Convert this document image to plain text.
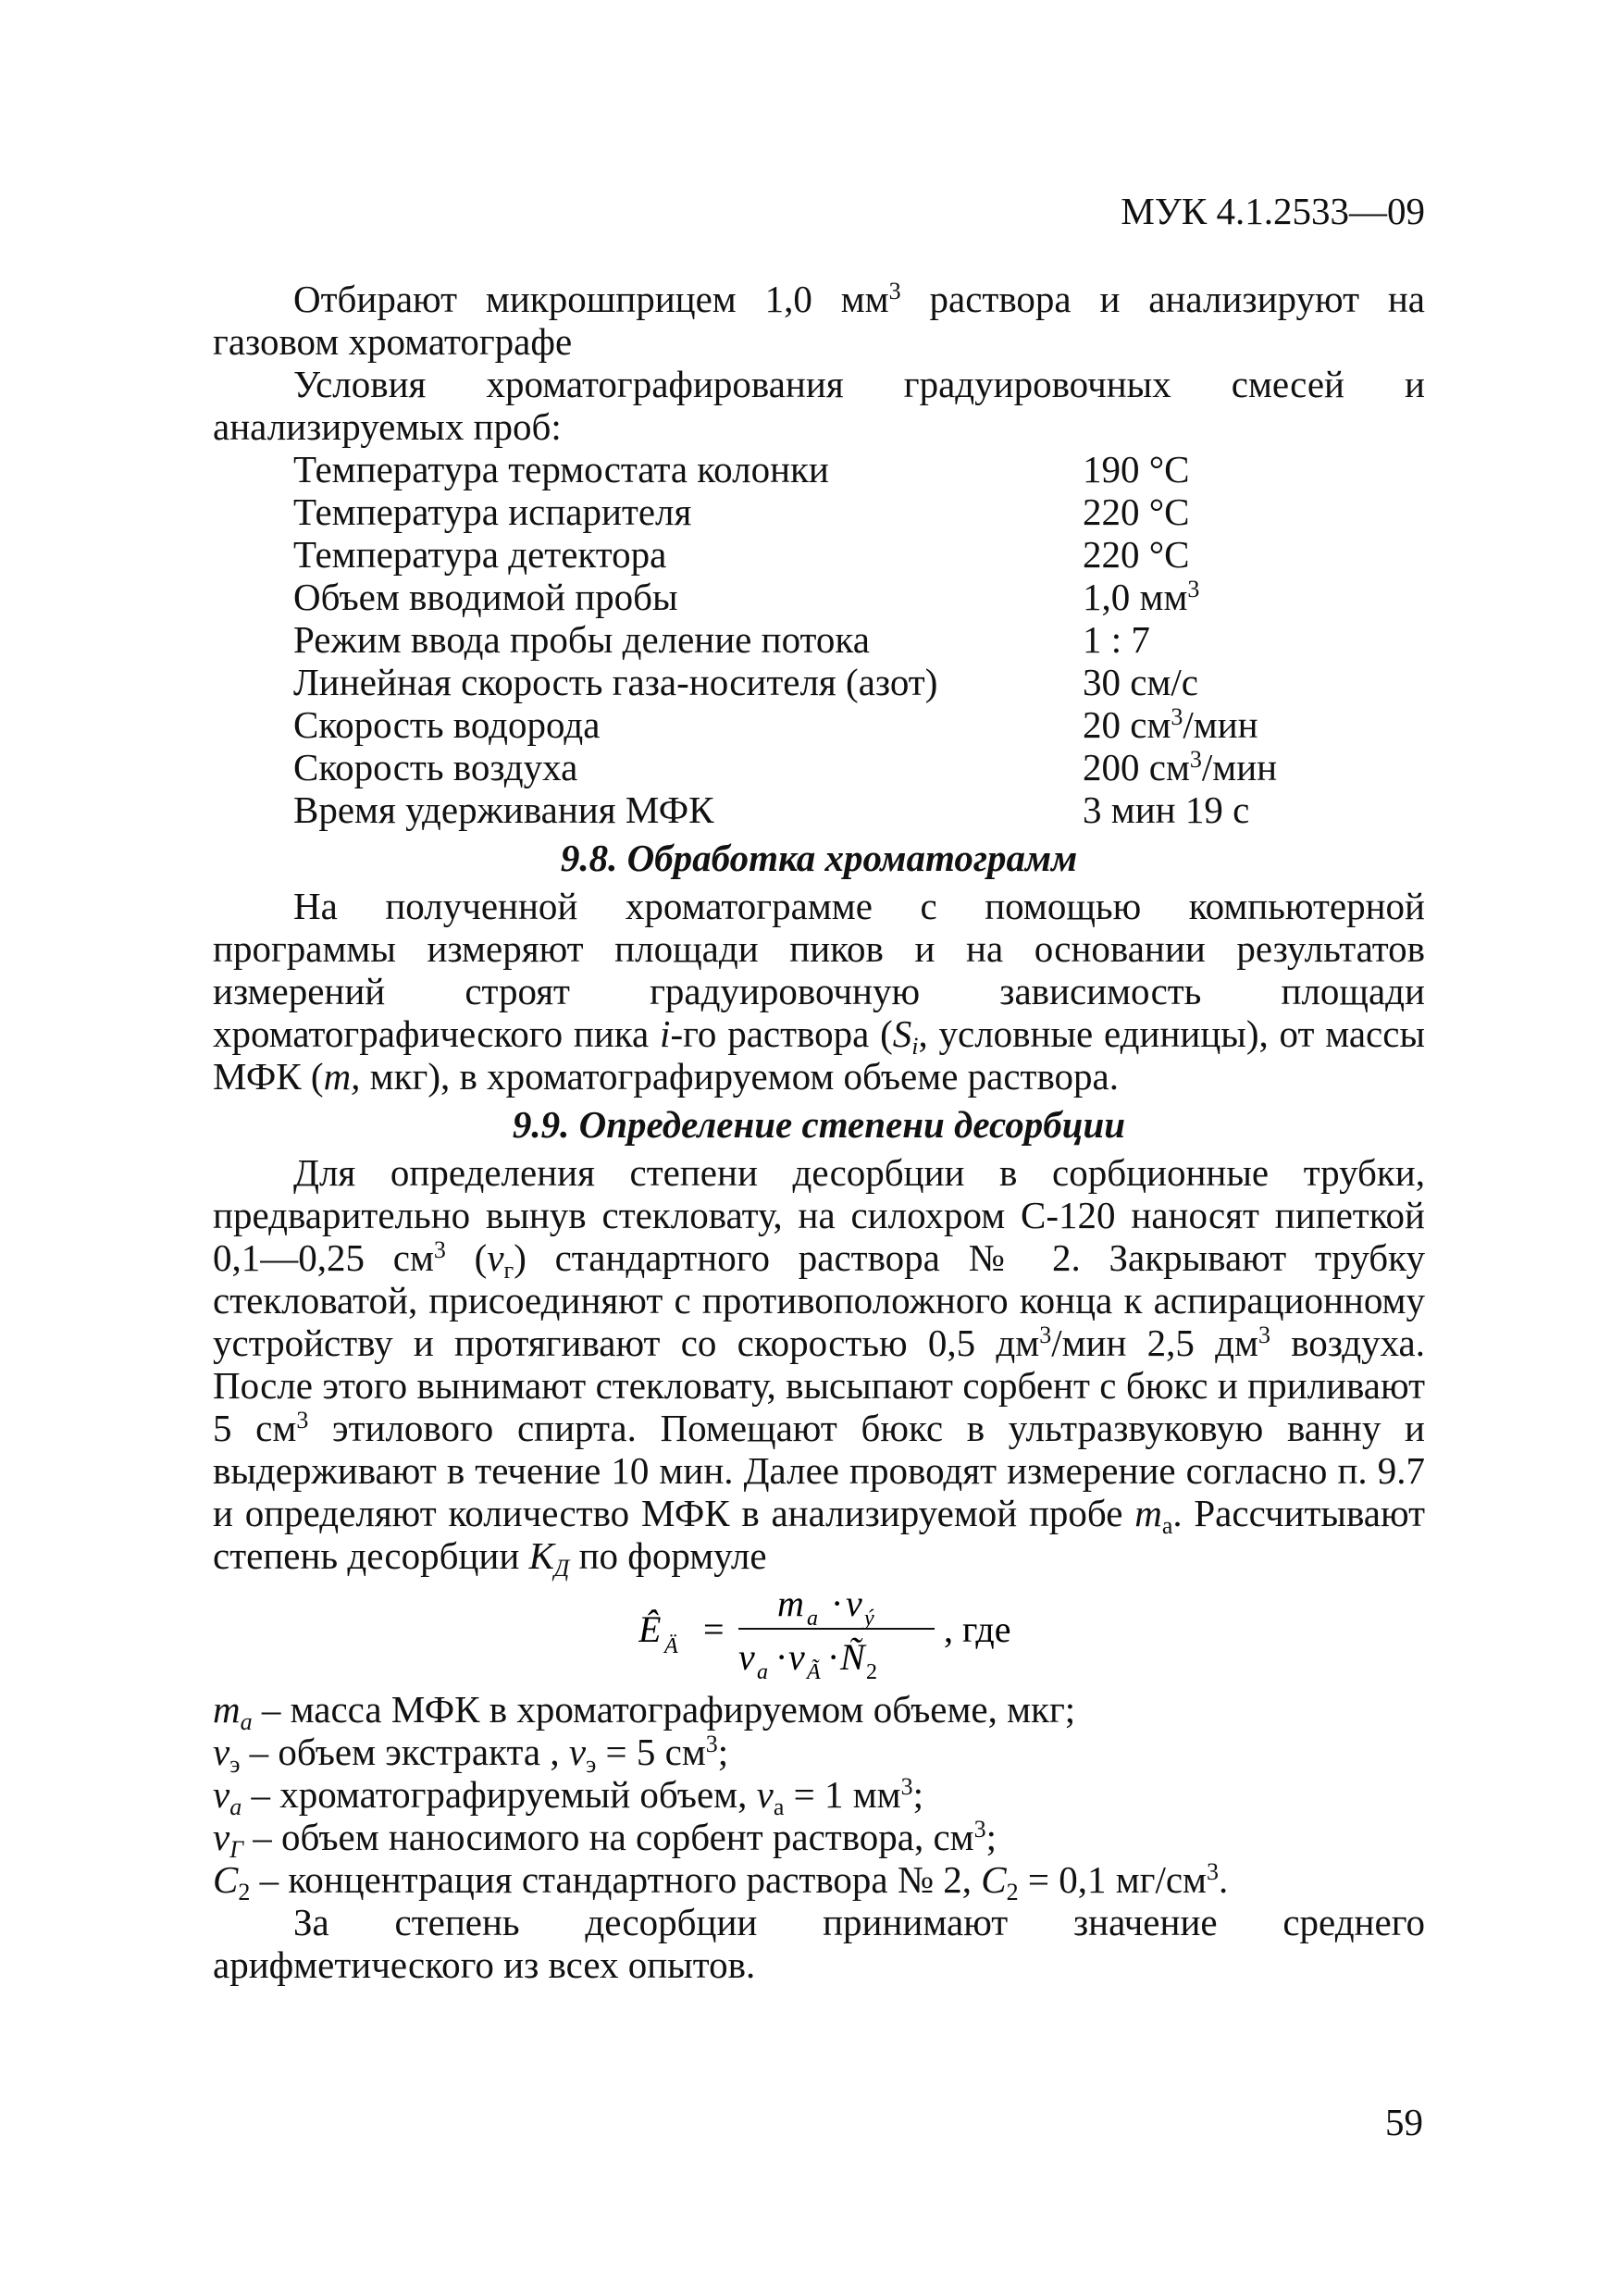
МУК 4.1.2533—09

Отбирают микрошприцем 1,0 $мм^3$ раствора и анализируют на газовом хроматографе

Условия хроматографирования градуировочных смесей и анализируемых проб:

Температура термостата колонки	190 °С
Температура испарителя	220 °С
Температура детектора	220 °С
Объем вводимой пробы	1,0 $мм^3$
Режим ввода пробы деление потока	1 : 7
Линейная скорость газа-носителя (азот)	30 см/с
Скорость водорода	20 $см^3$/мин
Скорость воздуха	200 $см^3$/мин
Время удерживания МФК	3 мин 19 с
9.8. Обработка хроматограмм

На полученной хроматограмме с помощью компьютерной программы измеряют площади пиков и на основании результатов измерений строят градуировочную зависимость площади хроматографического пика i-го раствора ($S_i$, условные единицы), от массы МФК (m, мкг), в хроматографируемом объеме раствора.

9.9. Определение степени десорбции

Для определения степени десорбции в сорбционные трубки, предварительно вынув стекловату, на силохром С-120 наносят пипеткой 0,1—0,25 $см^3$ $(v_г)$ стандартного раствора № 2. Закрывают трубку стекловатой, присоединяют с противоположного конца к аспирационному устройству и протягивают со скоростью 0,5 $дм^3$/мин 2,5 $дм^3$ воздуха. После этого вынимают стекловату, высыпают сорбент с бюкс и приливают 5 $см^3$ этилового спирта. Помещают бюкс в ультразвуковую ванну и выдерживают в течение 10 мин. Далее проводят измерение согласно п. 9.7 и определяют количество МФК в анализируемой пробе $m_а$. Рассчитывают степень десорбции $К_Д$ по формуле

Ê Ä =
m a · v ý
v a · v Ã · Ñ 2
, где
$m_а$ – масса МФК в хроматографируемом объеме, мкг;
$v_э$ – объем экстракта , $v_э = 5$ $см^3$;
$v_а$ – хроматографируемый объем, $v_а = 1$ $мм^3$;
$v_Г$ – объем наносимого на сорбент раствора, $см^3$;
$С_2$ – концентрация стандартного раствора № 2, $С_2 = 0,1$ $мг/см^3$.

За степень десорбции принимают значение среднего арифметического из всех опытов.

59
